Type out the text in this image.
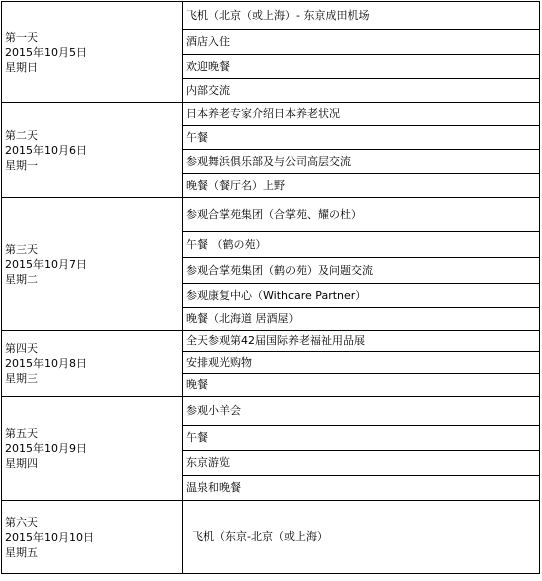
第一天
2015年10月5日
星期日	飞机（北京（或上海）- 东京成田机场
	酒店入住
	欢迎晚餐
	内部交流

第二天
2015年10月6日
星期一	日本养老专家介绍日本养老状况
	午餐
	参观舞浜俱乐部及与公司高层交流
	晚餐（餐厅名）上野

第三天
2015年10月7日
星期二	参观合掌苑集团（合掌苑、耀の杜）
	午餐 （鹤の苑）
	参观合掌苑集团（鹤の苑）及问题交流
	参观康复中心（Withcare Partner）
	晚餐（北海道 居酒屋）

第四天
2015年10月8日
星期三	全天参观第42届国际养老福祉用品展
	安排观光购物
	晚餐

第五天
2015年10月9日
星期四	参观小羊会
	午餐
	东京游览
	温泉和晚餐

第六天
2015年10月10日
星期五	飞机（东京-北京（或上海）
